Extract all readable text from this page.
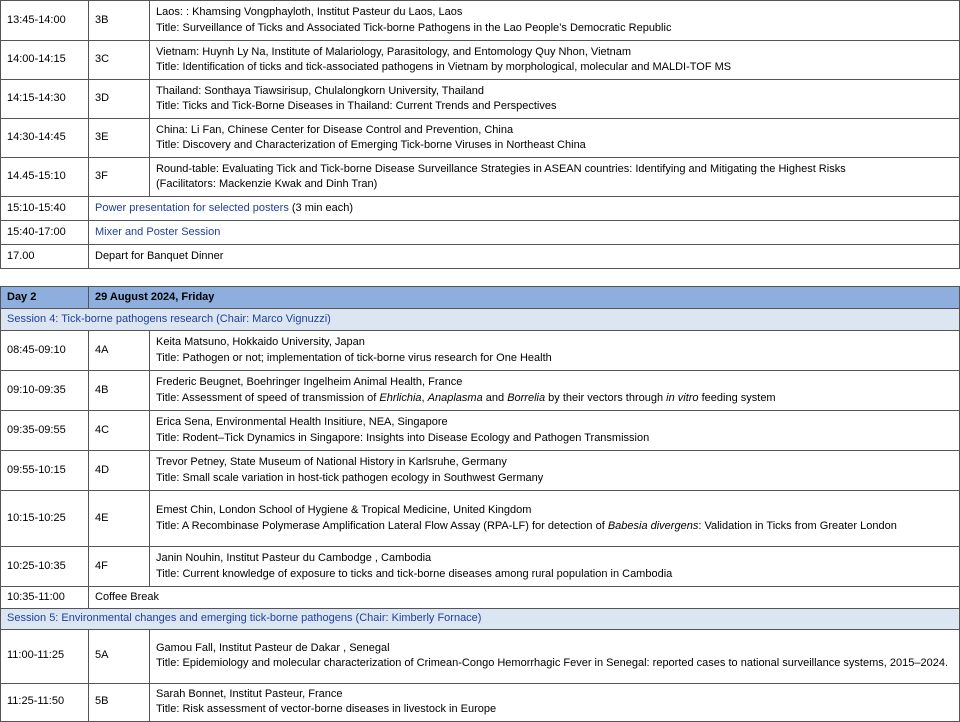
13:45-14:00	3B	Laos: : Khamsing Vongphayloth, Institut Pasteur du Laos, Laos
Title: Surveillance of Ticks and Associated Tick-borne Pathogens in the Lao People’s Democratic Republic

14:00-14:15	3C	Vietnam: Huynh Ly Na, Institute of Malariology, Parasitology, and Entomology Quy Nhon, Vietnam
Title: Identification of ticks and tick-associated pathogens in Vietnam by morphological, molecular and MALDI-TOF MS

14:15-14:30	3D	Thailand: Sonthaya Tiawsirisup, Chulalongkorn University, Thailand
Title: Ticks and Tick-Borne Diseases in Thailand: Current Trends and Perspectives

14:30-14:45	3E	China: Li Fan, Chinese Center for Disease Control and Prevention, China
Title: Discovery and Characterization of Emerging Tick-borne Viruses in Northeast China

14.45-15:10	3F	Round-table: Evaluating Tick and Tick-borne Disease Surveillance Strategies in ASEAN countries: Identifying and Mitigating the Highest Risks
(Facilitators: Mackenzie Kwak and Dinh Tran)

15:10-15:40	Power presentation for selected posters (3 min each)	
15:40-17:00	Mixer and Poster Session	
17.00	Depart for Banquet Dinner	
Day 2	29 August 2024, Friday	
Session 4: Tick-borne pathogens research (Chair: Marco Vignuzzi)		
08:45-09:10	4A	Keita Matsuno, Hokkaido University, Japan
Title: Pathogen or not; implementation of tick-borne virus research for One Health

09:10-09:35	4B	Frederic Beugnet, Boehringer Ingelheim Animal Health, France
Title: Assessment of speed of transmission of Ehrlichia, Anaplasma and Borrelia by their vectors through in vitro feeding system

09:35-09:55	4C	Erica Sena, Environmental Health Insitiure, NEA, Singapore
Title: Rodent–Tick Dynamics in Singapore: Insights into Disease Ecology and Pathogen Transmission

09:55-10:15	4D	Trevor Petney, State Museum of National History in Karlsruhe, Germany
Title: Small scale variation in host-tick pathogen ecology in Southwest Germany

10:15-10:25	4E	Emest Chin, London School of Hygiene & Tropical Medicine, United Kingdom
Title: A Recombinase Polymerase Amplification Lateral Flow Assay (RPA-LF) for detection of Babesia divergens: Validation in Ticks from Greater London

10:25-10:35	4F	Janin Nouhin, Institut Pasteur du Cambodge , Cambodia
Title: Current knowledge of exposure to ticks and tick-borne diseases among rural population in Cambodia

10:35-11:00	Coffee Break	
Session 5: Environmental changes and emerging tick-borne pathogens (Chair: Kimberly Fornace)		
11:00-11:25	5A	Gamou Fall, Institut Pasteur de Dakar , Senegal
Title: Epidemiology and molecular characterization of Crimean-Congo Hemorrhagic Fever in Senegal: reported cases to national surveillance systems, 2015–2024.

11:25-11:50	5B	Sarah Bonnet, Institut Pasteur, France
Title: Risk assessment of vector-borne diseases in livestock in Europe
